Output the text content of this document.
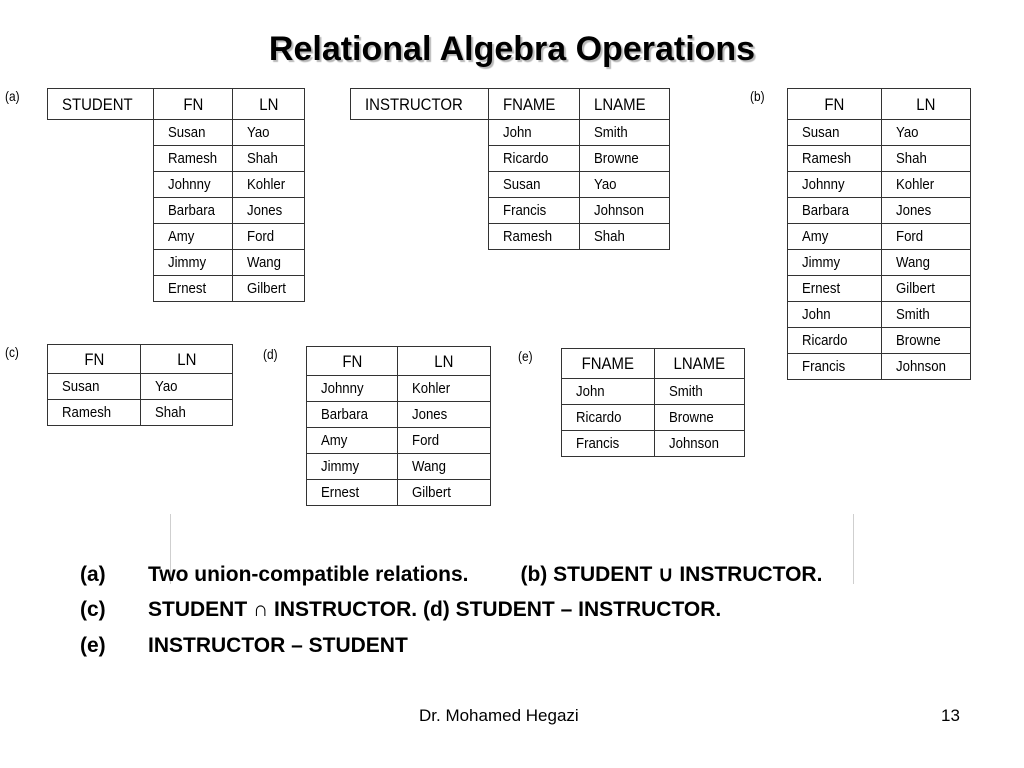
Relational Algebra Operations
(a)	(b)
(c)	(d)	(e)
STUDENT	FN	LN
Susan	Yao
Ramesh Shah
Johnny Kohler
Barbara Jones
Amy	Ford
Jimmy	Wang
Ernest	Gilbert
INSTRUCTOR FNAME LNAME
John	Smith
Ricardo	Browne
Susan	Yao
Francis	Johnson
Ramesh	Shah
FN	LN
Susan	Yao
Ramesh	Shah
Johnny	Kohler
Barbara	Jones
Amy	Ford
Jimmy	Wang
Ernest	Gilbert
John	Smith
Ricardo	Browne
Francis	Johnson
FN	LN
Susan	Yao
Ramesh	Shah
FN	LN
Johnny	Kohler
Barbara	Jones
Amy	Ford
Jimmy	Wang
Ernest	Gilbert
FNAME LNAME
John	Smith
Ricardo	Browne
Francis	Johnson
(a) Two union-compatible relations. (b) STUDENT ∪ INSTRUCTOR.
(c) STUDENT ∩ INSTRUCTOR. (d) STUDENT – INSTRUCTOR.
(e) INSTRUCTOR – STUDENT
Dr. Mohamed Hegazi	13
